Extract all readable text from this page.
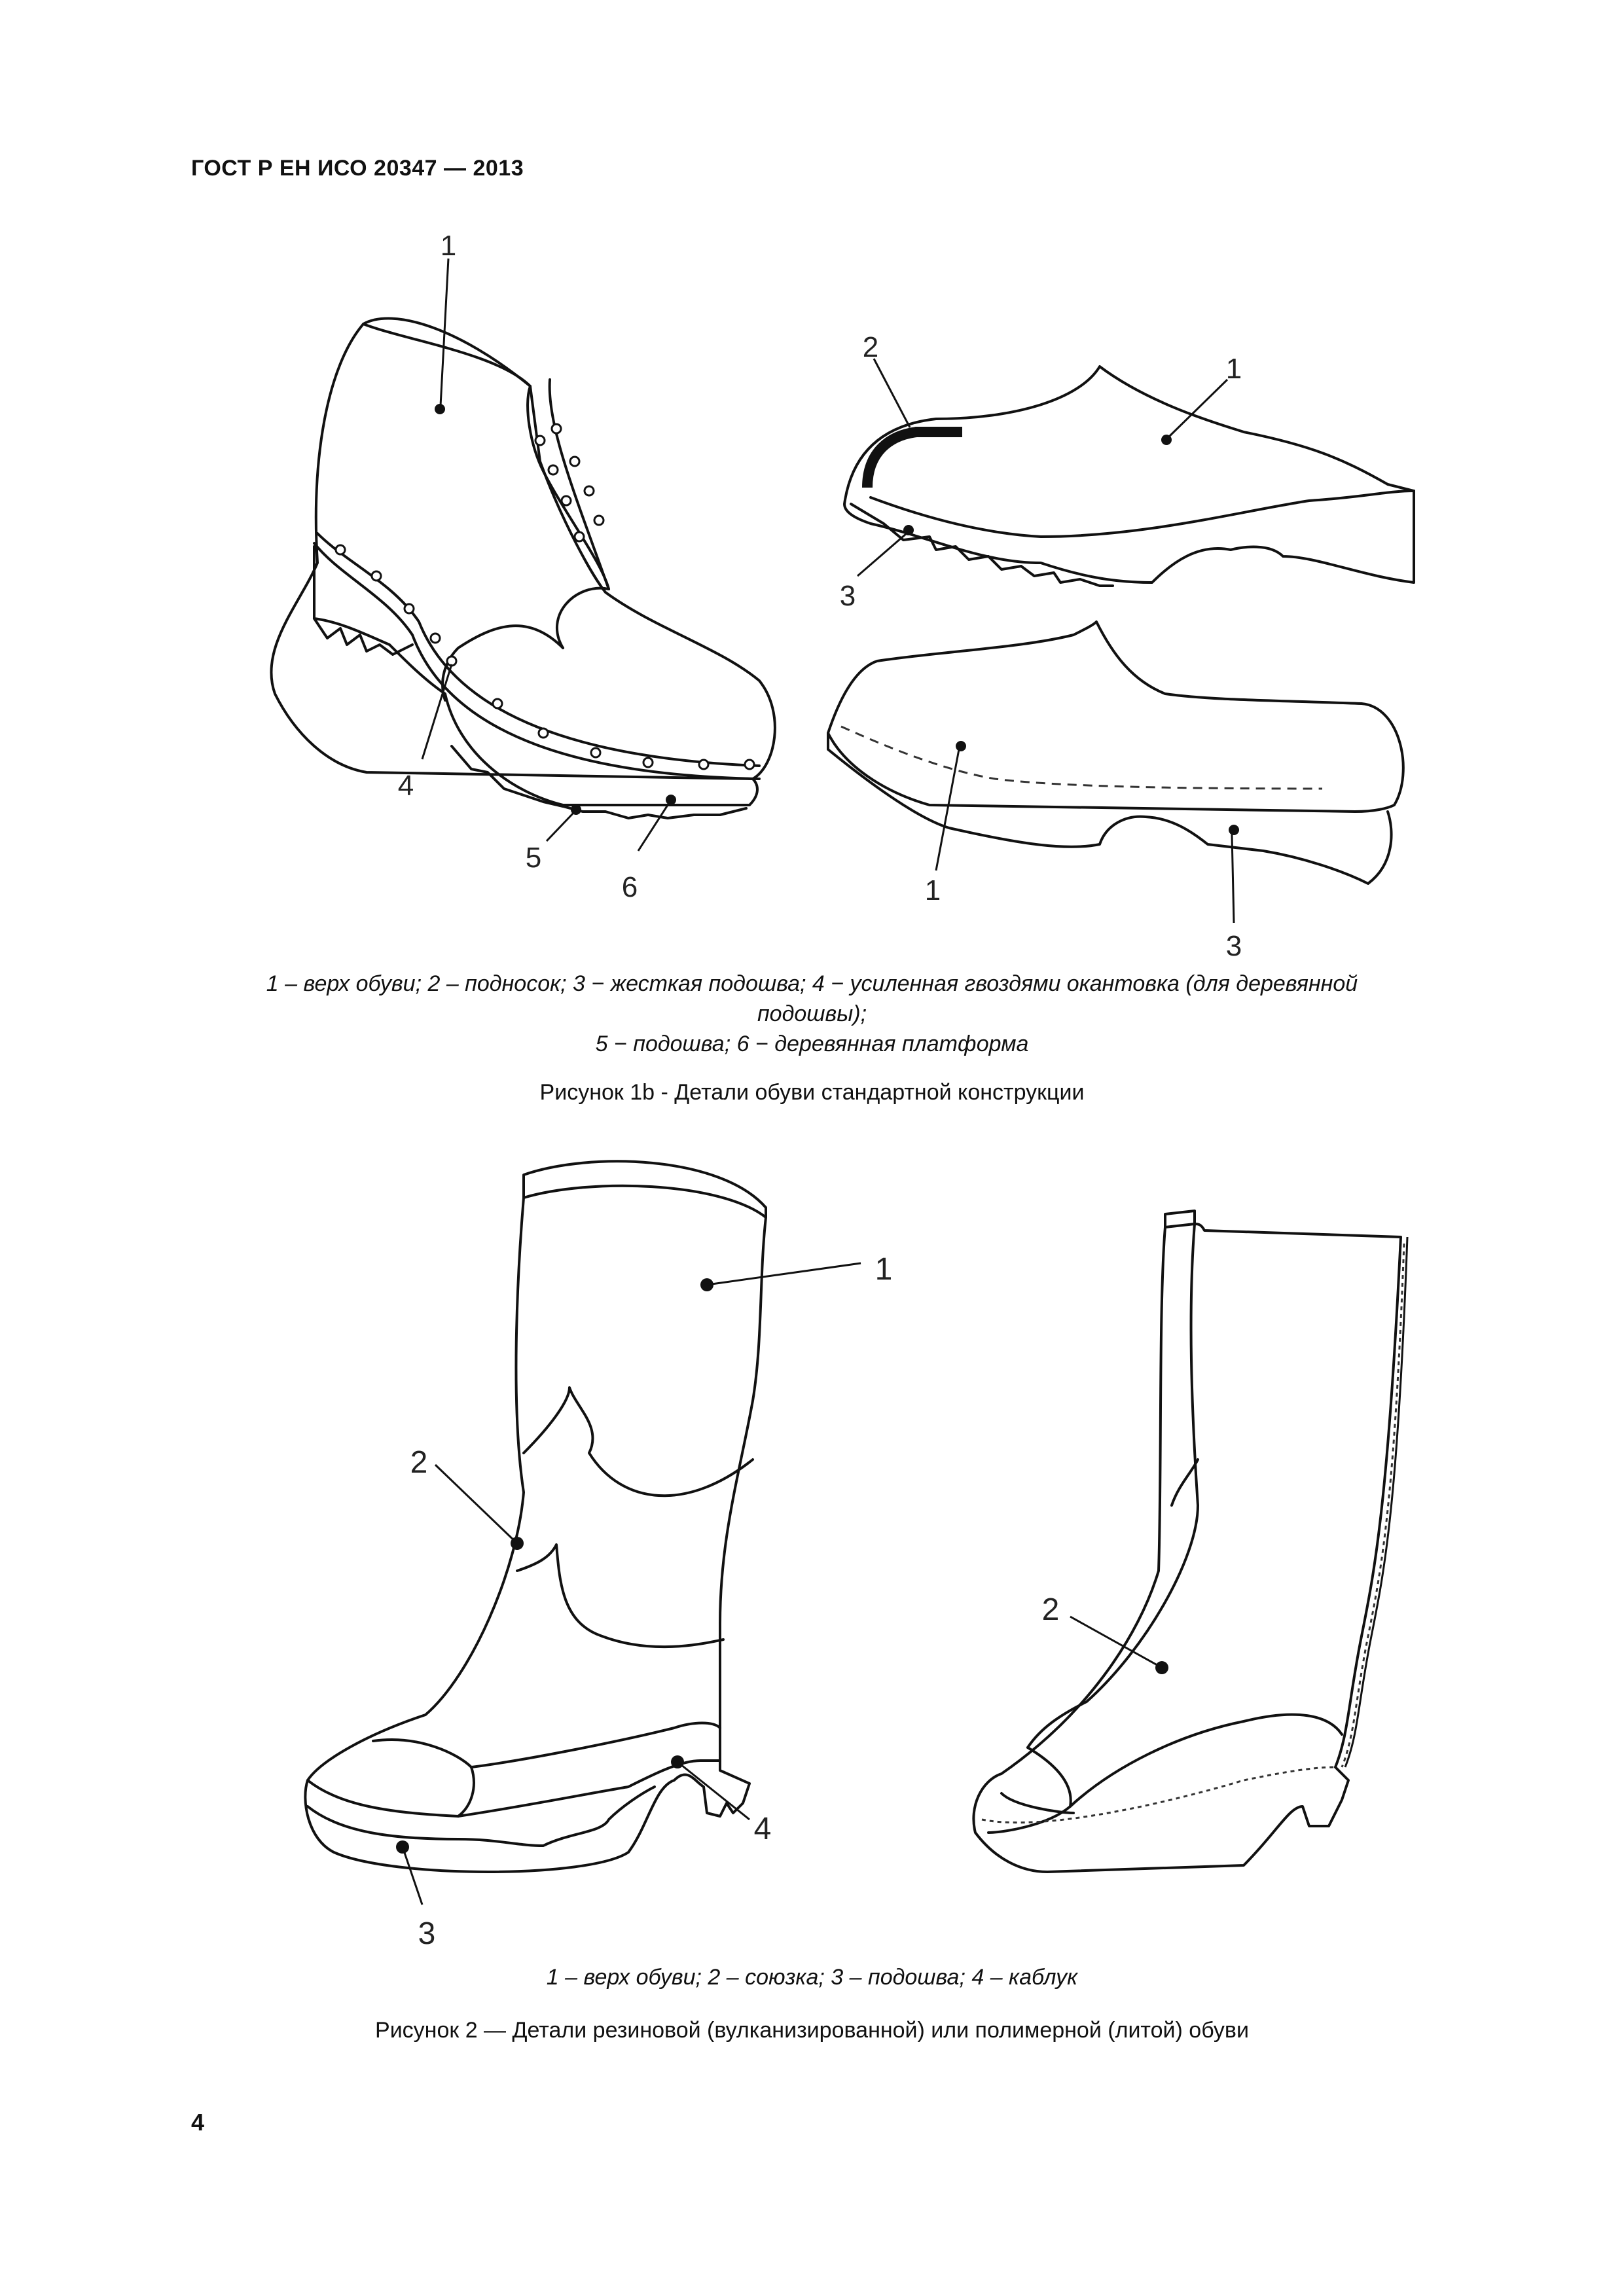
ГОСТ Р ЕН ИСО 20347 — 2013
1
2
1
3
4
5
6	1
3
1 – верх обуви; 2 – подносок; 3 − жесткая подошва; 4 − усиленная гвоздями окантовка (для деревянной
подошвы);
5 − подошва; 6 − деревянная платформа
Рисунок 1b - Детали обуви стандартной конструкции
1
2
4
3
2
1 – верх обуви; 2 – союзка; 3 – подошва; 4 – каблук
Рисунок 2 — Детали резиновой (вулканизированной) или полимерной (литой) обуви
4
